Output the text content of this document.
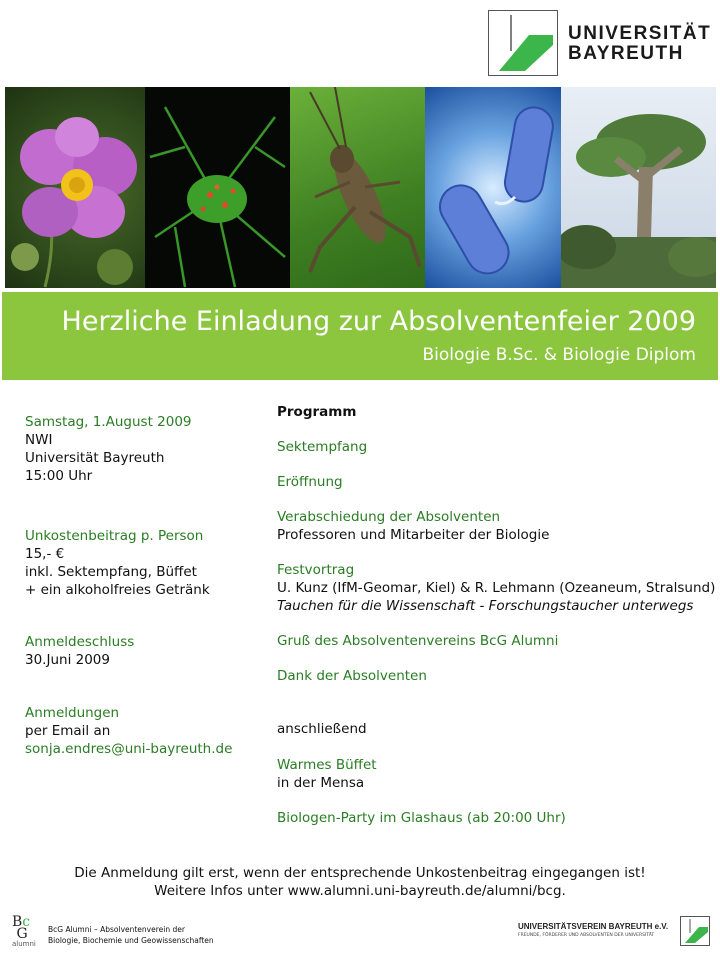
UNIVERSITÄT
BAYREUTH
Herzliche Einladung zur Absolventenfeier 2009
Biologie B.Sc. & Biologie Diplom
Samstag, 1.August 2009
NWI
Universität Bayreuth
15:00 Uhr
Unkostenbeitrag p. Person
15,- €
inkl. Sektempfang, Büffet
+ ein alkoholfreies Getränk
Anmeldeschluss
30.Juni 2009
Anmeldungen
per Email an
sonja.endres@uni-bayreuth.de
Programm
Sektempfang
Eröffnung
Verabschiedung der Absolventen
Professoren und Mitarbeiter der Biologie
Festvortrag
U. Kunz (IfM-Geomar, Kiel) & R. Lehmann (Ozeaneum, Stralsund)
Tauchen für die Wissenschaft - Forschungstaucher unterwegs
Gruß des Absolventenvereins BcG Alumni
Dank der Absolventen
anschließend
Warmes Büffet
in der Mensa
Biologen-Party im Glashaus (ab 20:00 Uhr)
Die Anmeldung gilt erst, wenn der entsprechende Unkostenbeitrag eingegangen ist!
Weitere Infos unter www.alumni.uni-bayreuth.de/alumni/bcg.
Bc
G
alumni
BcG Alumni – Absolventenverein der
Biologie, Biochemie und Geowissenschaften
UNIVERSITÄTSVEREIN BAYREUTH e.V.
FREUNDE, FÖRDERER UND ABSOLVENTEN DER UNIVERSITÄT
